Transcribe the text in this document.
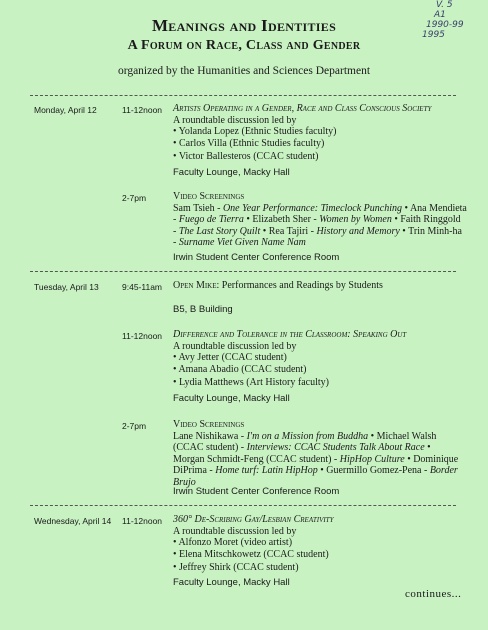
V. 5
A1
1990-99
1995
Meanings and Identities
A Forum on Race, Class and Gender
organized by the Humanities and Sciences Department
Monday, April 12	11-12noon Artists Operating in a Gender, Race and Class Conscious Society
A roundtable discussion led by
• Yolanda Lopez (Ethnic Studies faculty)
• Carlos Villa (Ethnic Studies faculty)
• Victor Ballesteros (CCAC student)
Faculty Lounge, Macky Hall
2-7pm	Video Screenings
Sam Tsieh - One Year Performance: Timeclock Punching • Ana Mendieta
- Fuego de Tierra • Elizabeth Sher - Women by Women • Faith Ringgold
- The Last Story Quilt • Rea Tajiri - History and Memory • Trin Minh-ha
- Surname Viet Given Name Nam
Irwin Student Center Conference Room
Tuesday, April 13	9:45-11am Open Mike: Performances and Readings by Students
B5, B Building
11-12noon Difference and Tolerance in the Classroom: Speaking Out
A roundtable discussion led by
• Avy Jetter (CCAC student)
• Amana Abadio (CCAC student)
• Lydia Matthews (Art History faculty)
Faculty Lounge, Macky Hall
2-7pm	Video Screenings
Lane Nishikawa - I'm on a Mission from Buddha • Michael Walsh
(CCAC student) - Interviews: CCAC Students Talk About Race •
Morgan Schmidt-Feng (CCAC student) - HipHop Culture • Dominique
DiPrima - Home turf: Latin HipHop • Guermillo Gomez-Pena - Border
Brujo
Irwin Student Center Conference Room
Wednesday, April 14 11-12noon 360° De-Scribing Gay/Lesbian Creativity
A roundtable discussion led by
• Alfonzo Moret (video artist)
• Elena Mitschkowetz (CCAC student)
• Jeffrey Shirk (CCAC student)
Faculty Lounge, Macky Hall
continues...
